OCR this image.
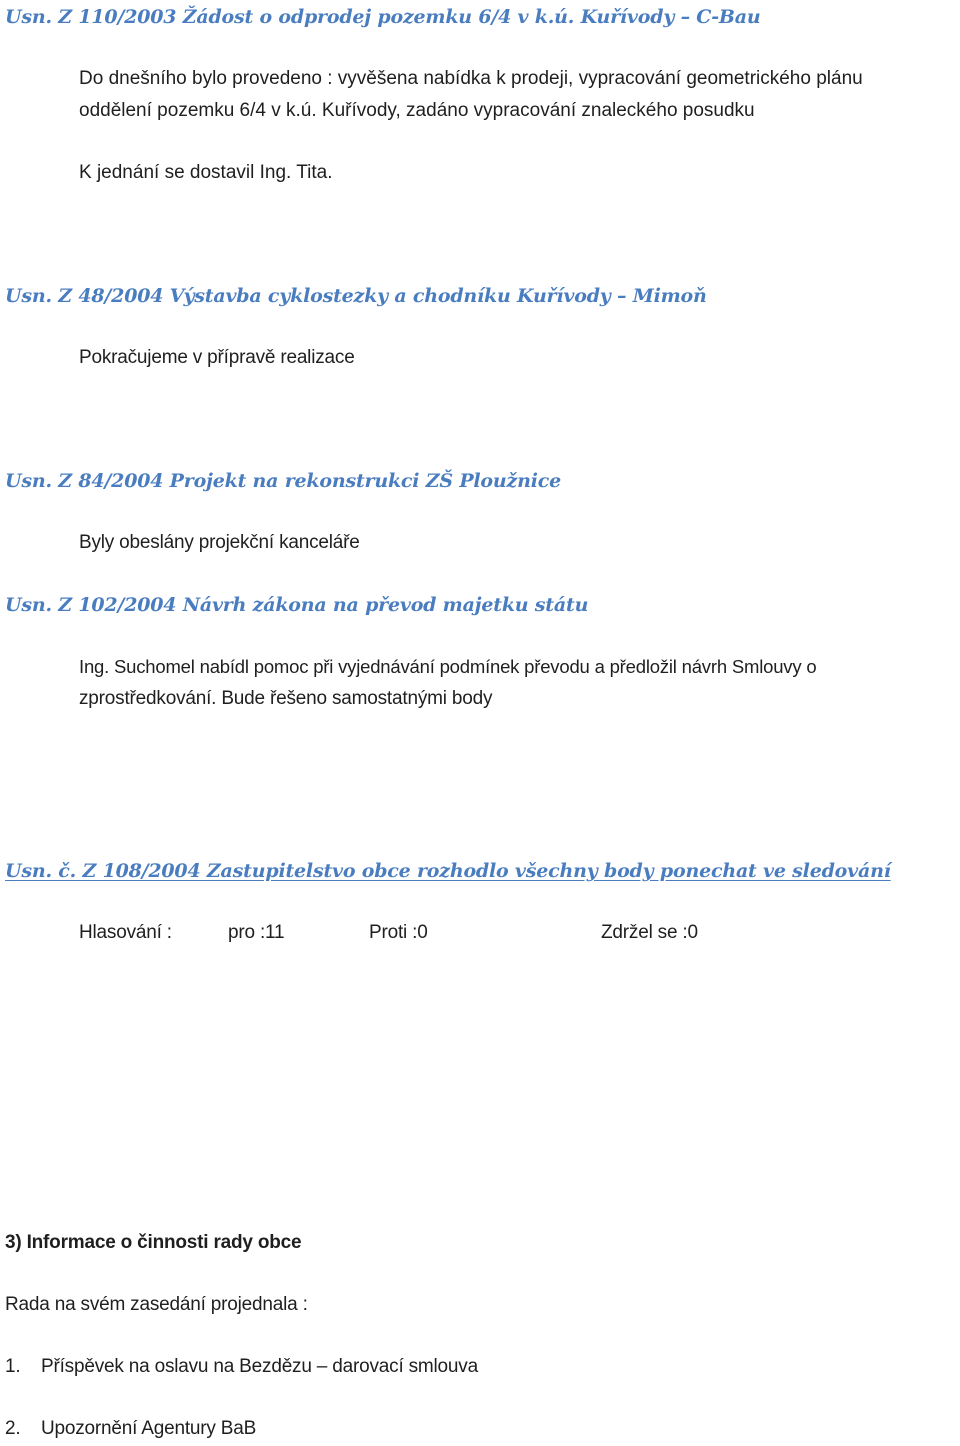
Usn. Z 110/2003 Žádost o odprodej pozemku 6/4 v k.ú. Kuřívody – C-Bau
Do dnešního bylo provedeno : vyvěšena nabídka k prodeji, vypracování geometrického plánu
oddělení pozemku 6/4 v k.ú. Kuřívody, zadáno vypracování znaleckého posudku
K jednání se dostavil Ing. Tita.
Usn. Z 48/2004 Výstavba cyklostezky a chodníku Kuřívody – Mimoň
Pokračujeme v přípravě realizace
Usn. Z 84/2004 Projekt na rekonstrukci ZŠ Ploužnice
Byly obeslány projekční kanceláře
Usn. Z 102/2004 Návrh zákona na převod majetku státu
Ing. Suchomel nabídl pomoc při vyjednávání podmínek převodu a předložil návrh Smlouvy o
zprostředkování. Bude řešeno samostatnými body
Usn. č. Z 108/2004 Zastupitelstvo obce rozhodlo všechny body ponechat ve sledování
Hlasování :	pro :11	Proti :0	Zdržel se :0
3) Informace o činnosti rady obce
Rada na svém zasedání projednala :
1. Příspěvek na oslavu na Bezdězu – darovací smlouva
2. Upozornění Agentury BaB
